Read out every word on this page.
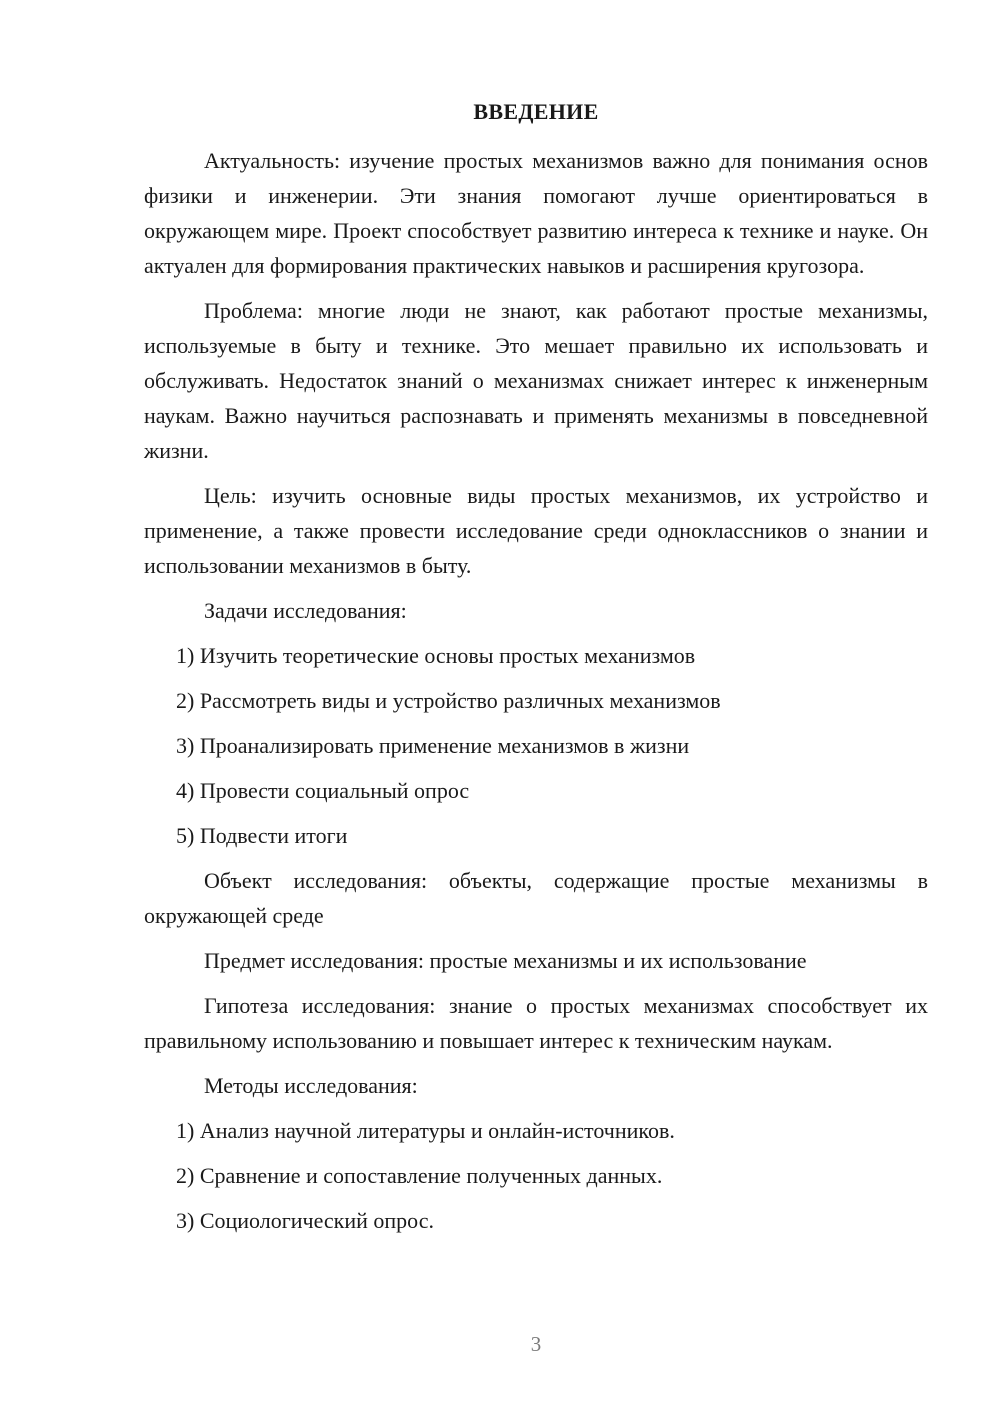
ВВЕДЕНИЕ

Актуальность: изучение простых механизмов важно для понимания основ физики и инженерии. Эти знания помогают лучше ориентироваться в окружающем мире. Проект способствует развитию интереса к технике и науке. Он актуален для формирования практических навыков и расширения кругозора.

Проблема: многие люди не знают, как работают простые механизмы, используемые в быту и технике. Это мешает правильно их использовать и обслуживать. Недостаток знаний о механизмах снижает интерес к инженерным наукам. Важно научиться распознавать и применять механизмы в повседневной жизни.

Цель: изучить основные виды простых механизмов, их устройство и применение, а также провести исследование среди одноклассников о знании и использовании механизмов в быту.

Задачи исследования:

1) Изучить теоретические основы простых механизмов

2) Рассмотреть виды и устройство различных механизмов

3) Проанализировать применение механизмов в жизни

4) Провести социальный опрос

5) Подвести итоги

Объект исследования: объекты, содержащие простые механизмы в окружающей среде

Предмет исследования: простые механизмы и их использование

Гипотеза исследования: знание о простых механизмах способствует их правильному использованию и повышает интерес к техническим наукам.

Методы исследования:

1) Анализ научной литературы и онлайн-источников.

2) Сравнение и сопоставление полученных данных.

3) Социологический опрос.

3
